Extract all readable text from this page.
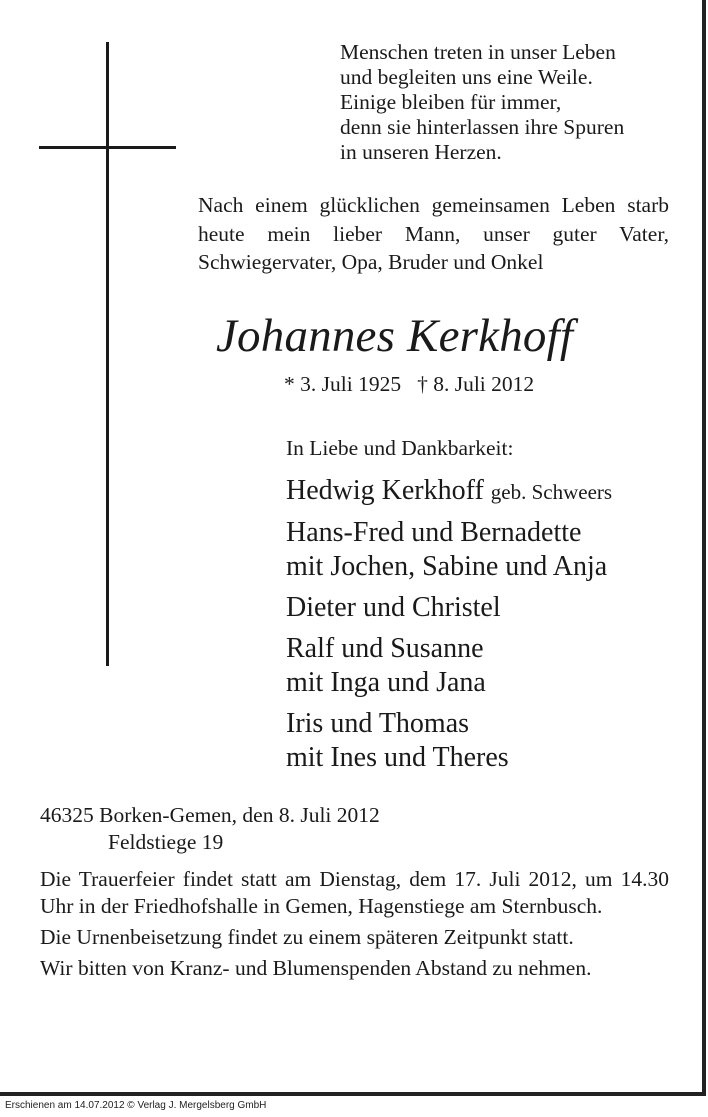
Menschen treten in unser Leben
und begleiten uns eine Weile.
Einige bleiben für immer,
denn sie hinterlassen ihre Spuren
in unseren Herzen.
Nach einem glücklichen gemeinsamen Leben starb heute mein lieber Mann, unser guter Vater, Schwiegervater, Opa, Bruder und Onkel
Johannes Kerkhoff
* 3. Juli 1925 † 8. Juli 2012
In Liebe und Dankbarkeit:
Hedwig Kerkhoff geb. Schweers
Hans-Fred und Bernadette
mit Jochen, Sabine und Anja
Dieter und Christel
Ralf und Susanne
mit Inga und Jana
Iris und Thomas
mit Ines und Theres
46325 Borken-Gemen, den 8. Juli 2012
Feldstiege 19

Die Trauerfeier findet statt am Dienstag, dem 17. Juli 2012, um 14.30 Uhr in der Friedhofshalle in Gemen, Hagenstiege am Sternbusch.

Die Urnenbeisetzung findet zu einem späteren Zeitpunkt statt.

Wir bitten von Kranz- und Blumenspenden Abstand zu nehmen.

Erschienen am 14.07.2012 © Verlag J. Mergelsberg GmbH
